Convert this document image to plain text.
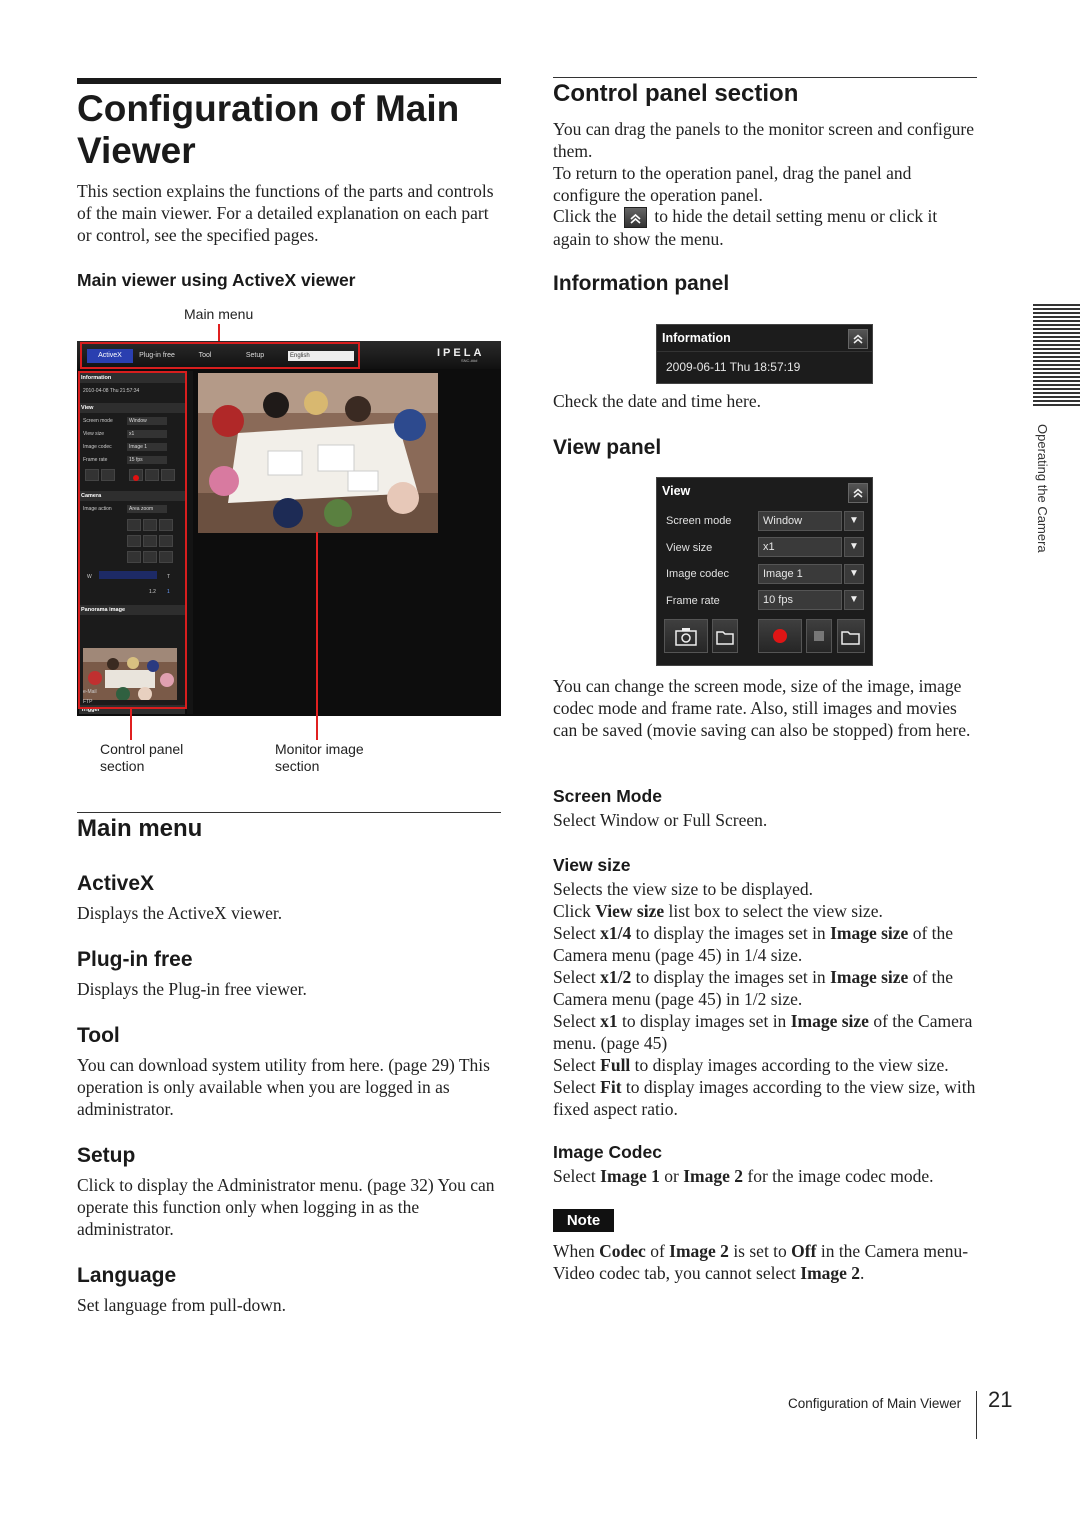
Configuration of Main Viewer
This section explains the functions of the parts and controls of the main viewer. For a detailed explanation on each part or control, see the specified pages.
Main viewer using ActiveX viewer
Main menu
ActiveX	Plug-in free	Tool	Setup	English	IPELA
SNC-###
Information
2010-04-08 Thu 21:57:34
View
Screen mode	Window
View size	x1
Image codec	Image 1
Frame rate	15 fps
Camera
Image action	Area zoom
W	T
1.2 1
Panorama image
Trigger
e-Mail
FTP
Control panel section
Monitor image section
Main menu
ActiveX
Displays the ActiveX viewer.
Plug-in free
Displays the Plug-in free viewer.
Tool
You can download system utility from here. (page 29) This operation is only available when you are logged in as administrator.
Setup
Click to display the Administrator menu. (page 32) You can operate this function only when logging in as the administrator.
Language
Set language from pull-down.
Control panel section
You can drag the panels to the monitor screen and configure them.
To return to the operation panel, drag the panel and configure the operation panel.
Click the to hide the detail setting menu or click it again to show the menu.
Information panel
Information
2009-06-11 Thu 18:57:19
Check the date and time here.
View panel
View
Screen mode	Window	▼
View size	x1	▼
Image codec	Image 1	▼
Frame rate	10 fps	▼
You can change the screen mode, size of the image, image codec mode and frame rate. Also, still images and movies can be saved (movie saving can also be stopped) from here.
Screen Mode
Select Window or Full Screen.
View size
Selects the view size to be displayed.
Click View size list box to select the view size.
Select x1/4 to display the images set in Image size of the Camera menu (page 45) in 1/4 size.
Select x1/2 to display the images set in Image size of the Camera menu (page 45) in 1/2 size.
Select x1 to display images set in Image size of the Camera menu. (page 45)
Select Full to display images according to the view size.
Select Fit to display images according to the view size, with fixed aspect ratio.
Image Codec
Select Image 1 or Image 2 for the image codec mode.
Note
When Codec of Image 2 is set to Off in the Camera menu-Video codec tab, you cannot select Image 2.
Operating the Camera
Configuration of Main Viewer 21
